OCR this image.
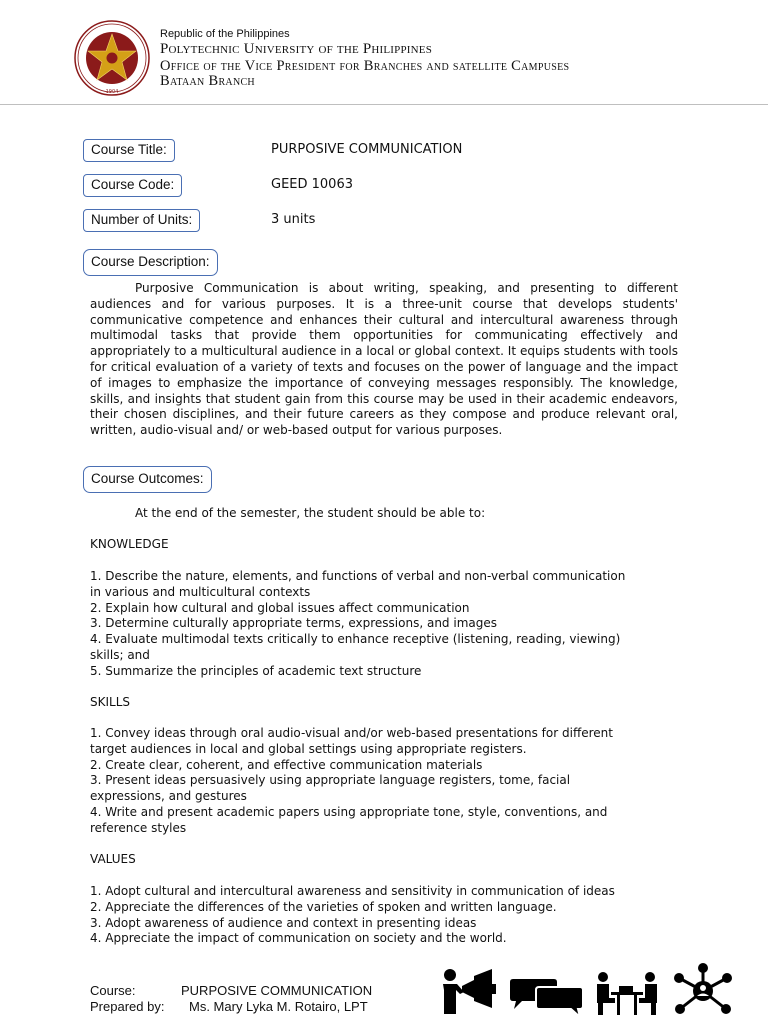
1904
Republic of the Philippines
Polytechnic University of the Philippines
Office of the Vice President for Branches and satellite Campuses
Bataan Branch
Course Title:	PURPOSIVE COMMUNICATION
Course Code:	GEED 10063
Number of Units:	3 units
Course Description:
Purposive Communication is about writing, speaking, and presenting to different audiences and for various purposes. It is a three-unit course that develops students' communicative competence and enhances their cultural and intercultural awareness through multimodal tasks that provide them opportunities for communicating effectively and appropriately to a multicultural audience in a local or global context. It equips students with tools for critical evaluation of a variety of texts and focuses on the power of language and the impact of images to emphasize the importance of conveying messages responsibly. The knowledge, skills, and insights that student gain from this course may be used in their academic endeavors, their chosen disciplines, and their future careers as they compose and produce relevant oral, written, audio-visual and/ or web-based output for various purposes.
Course Outcomes:
At the end of the semester, the student should be able to:
KNOWLEDGE
1. Describe the nature, elements, and functions of verbal and non-verbal communication
in various and multicultural contexts
2. Explain how cultural and global issues affect communication
3. Determine culturally appropriate terms, expressions, and images
4. Evaluate multimodal texts critically to enhance receptive (listening, reading, viewing)
skills; and
5. Summarize the principles of academic text structure
SKILLS
1. Convey ideas through oral audio-visual and/or web-based presentations for different
target audiences in local and global settings using appropriate registers.
2. Create clear, coherent, and effective communication materials
3. Present ideas persuasively using appropriate language registers, tome, facial
expressions, and gestures
4. Write and present academic papers using appropriate tone, style, conventions, and
reference styles
VALUES
1. Adopt cultural and intercultural awareness and sensitivity in communication of ideas
2. Appreciate the differences of the varieties of spoken and written language.
3. Adopt awareness of audience and context in presenting ideas
4. Appreciate the impact of communication on society and the world.
Course:	PURPOSIVE COMMUNICATION
Prepared by: Ms. Mary Lyka M. Rotairo, LPT
